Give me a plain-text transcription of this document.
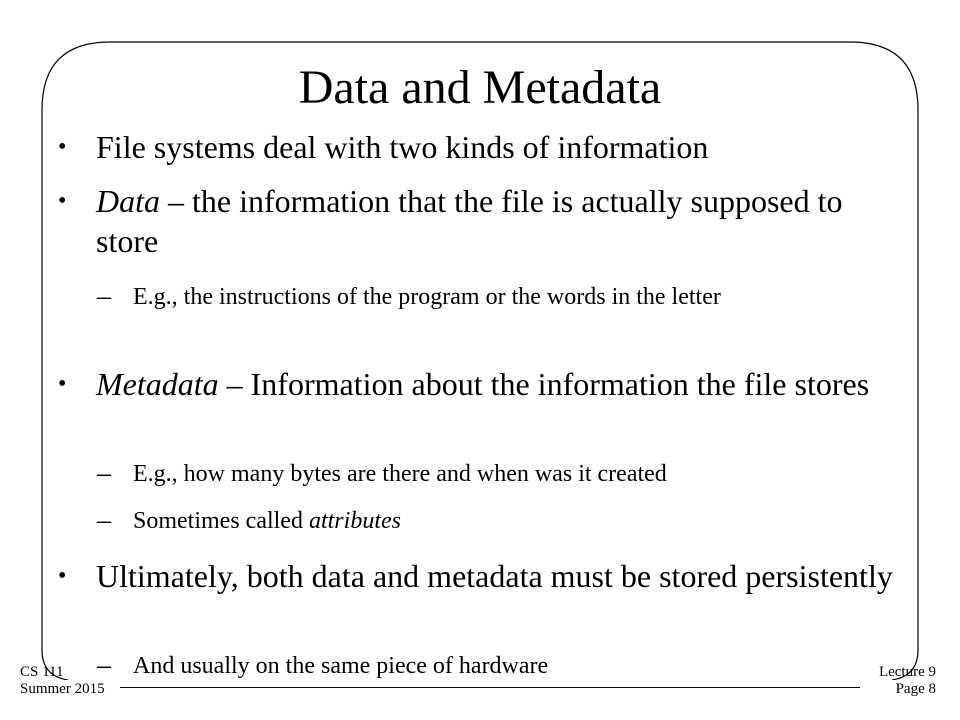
Data and Metadata
• File systems deal with two kinds of information
• Data – the information that the file is actually supposed to store
– E.g., the instructions of the program or the words in the letter
• Metadata – Information about the information the file stores
– E.g., how many bytes are there and when was it created
– Sometimes called attributes
• Ultimately, both data and metadata must be stored persistently
– And usually on the same piece of hardware
CS 111
Summer 2015
Lecture 9
Page 8
